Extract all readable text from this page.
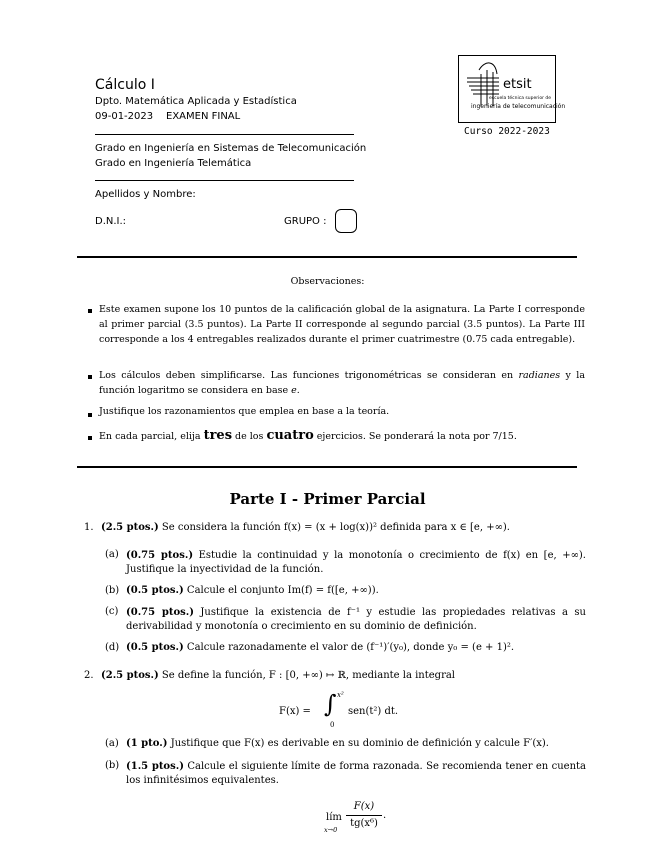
Cálculo I
Dpto. Matemática Aplicada y Estadística
09-01-2023 EXAMEN FINAL
Grado en Ingeniería en Sistemas de Telecomunicación
Grado en Ingeniería Telemática
Apellidos y Nombre:
D.N.I.:	GRUPO :
etsit
escuela técnica superior de
ingeniería de telecomunicación
Curso 2022-2023
Observaciones:
Este examen supone los 10 puntos de la calificación global de la asignatura. La Parte I corresponde al primer parcial (3.5 puntos). La Parte II corresponde al segundo parcial (3.5 puntos). La Parte III corresponde a los 4 entregables realizados durante el primer cuatrimestre (0.75 cada entregable).
Los cálculos deben simplificarse. Las funciones trigonométricas se consideran en radianes y la función logaritmo se considera en base e.
Justifique los razonamientos que emplea en base a la teoría.
En cada parcial, elija tres de los cuatro ejercicios. Se ponderará la nota por 7/15.
Parte I - Primer Parcial
1. (2.5 ptos.) Se considera la función f(x) = (x + log(x))² definida para x ∈ [e, +∞).
(a) (0.75 ptos.) Estudie la continuidad y la monotonía o crecimiento de f(x) en [e, +∞). Justifique la inyectividad de la función.
(b) (0.5 ptos.) Calcule el conjunto Im(f) = f([e, +∞)).
(c) (0.75 ptos.) Justifique la existencia de f⁻¹ y estudie las propiedades relativas a su derivabilidad y monotonía o crecimiento en su dominio de definición.
(d) (0.5 ptos.) Calcule razonadamente el valor de (f⁻¹)′(y₀), donde y₀ = (e + 1)².
2. (2.5 ptos.) Se define la función, F : [0, +∞) ↦ ℝ, mediante la integral
F(x) = ∫ x²
0
sen(t²) dt.
(a) (1 pto.) Justifique que F(x) es derivable en su dominio de definición y calcule F′(x).
(b) (1.5 ptos.) Calcule el siguiente límite de forma razonada. Se recomienda tener en cuenta los infinitésimos equivalentes.
lím
x→0
F(x)
tg(x⁶)
.
